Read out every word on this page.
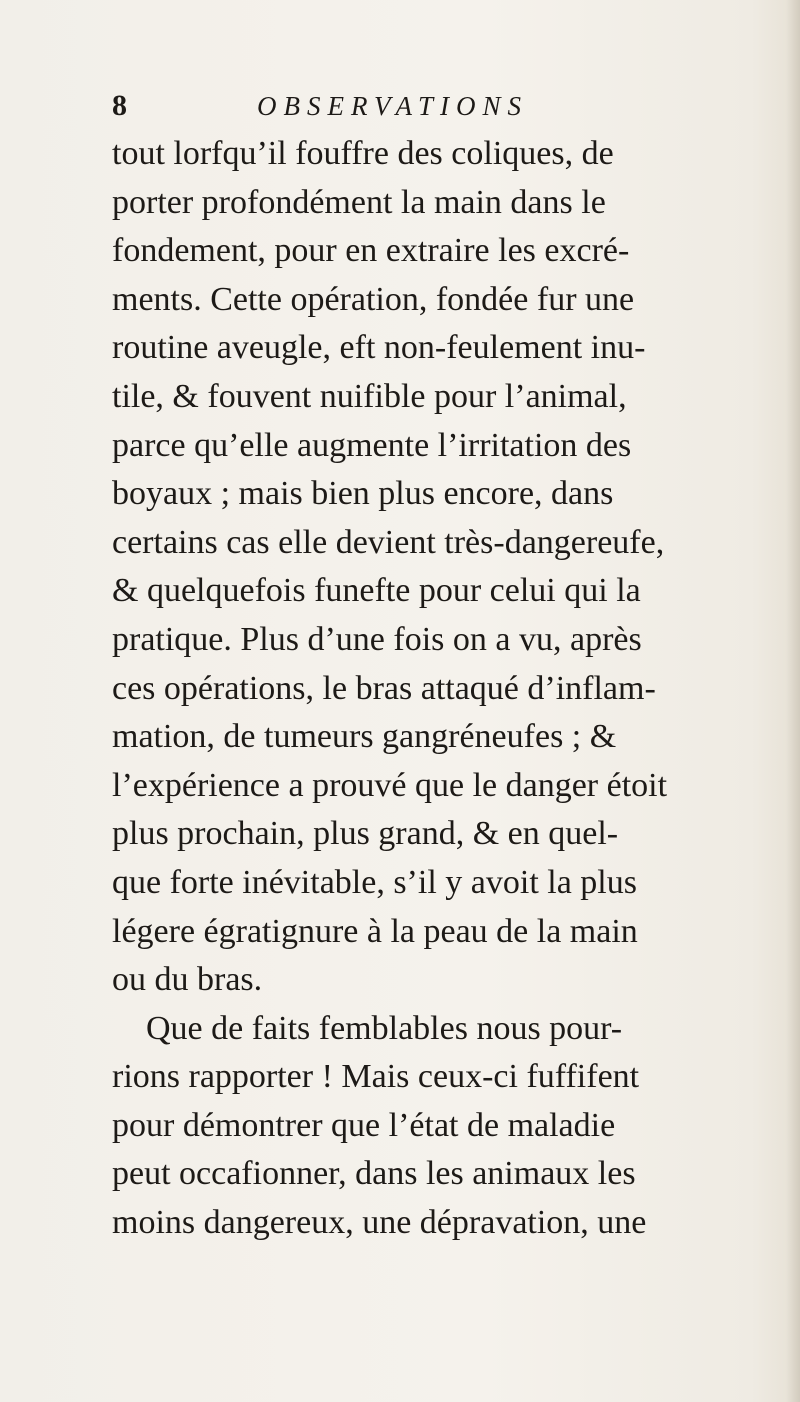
8	OBSERVATIONS
tout lorfqu’il fouffre des coliques, de
porter profondément la main dans le
fondement, pour en extraire les excré-
ments. Cette opération, fondée fur une
routine aveugle, eft non-feulement inu-
tile, & fouvent nuifible pour l’animal,
parce qu’elle augmente l’irritation des
boyaux ; mais bien plus encore, dans
certains cas elle devient très-dangereufe,
& quelquefois funefte pour celui qui la
pratique. Plus d’une fois on a vu, après
ces opérations, le bras attaqué d’inflam-
mation, de tumeurs gangréneufes ; &
l’expérience a prouvé que le danger étoit
plus prochain, plus grand, & en quel-
que forte inévitable, s’il y avoit la plus
légere égratignure à la peau de la main
ou du bras.
Que de faits femblables nous pour-
rions rapporter ! Mais ceux-ci fuffifent
pour démontrer que l’état de maladie
peut occafionner, dans les animaux les
moins dangereux, une dépravation, une
